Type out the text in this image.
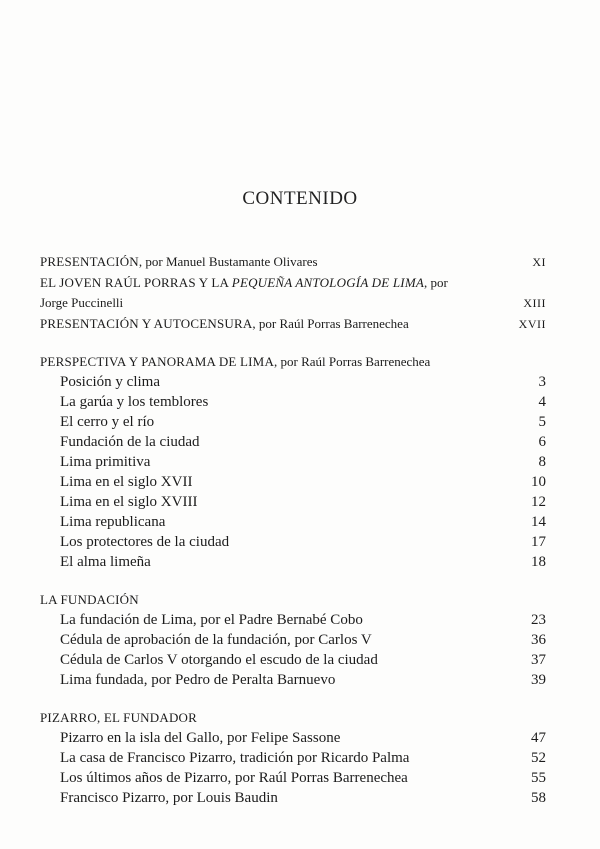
CONTENIDO
PRESENTACIÓN, por Manuel Bustamante Olivares	XI
EL JOVEN RAÚL PORRAS Y LA PEQUEÑA ANTOLOGÍA DE LIMA, por
Jorge Puccinelli	XIII
PRESENTACIÓN Y AUTOCENSURA, por Raúl Porras Barrenechea	XVII
PERSPECTIVA Y PANORAMA DE LIMA, por Raúl Porras Barrenechea
Posición y clima	3
La garúa y los temblores	4
El cerro y el río	5
Fundación de la ciudad	6
Lima primitiva	8
Lima en el siglo XVII	10
Lima en el siglo XVIII	12
Lima republicana	14
Los protectores de la ciudad	17
El alma limeña	18
LA FUNDACIÓN
La fundación de Lima, por el Padre Bernabé Cobo	23
Cédula de aprobación de la fundación, por Carlos V	36
Cédula de Carlos V otorgando el escudo de la ciudad	37
Lima fundada, por Pedro de Peralta Barnuevo	39
PIZARRO, EL FUNDADOR
Pizarro en la isla del Gallo, por Felipe Sassone	47
La casa de Francisco Pizarro, tradición por Ricardo Palma	52
Los últimos años de Pizarro, por Raúl Porras Barrenechea	55
Francisco Pizarro, por Louis Baudin	58
